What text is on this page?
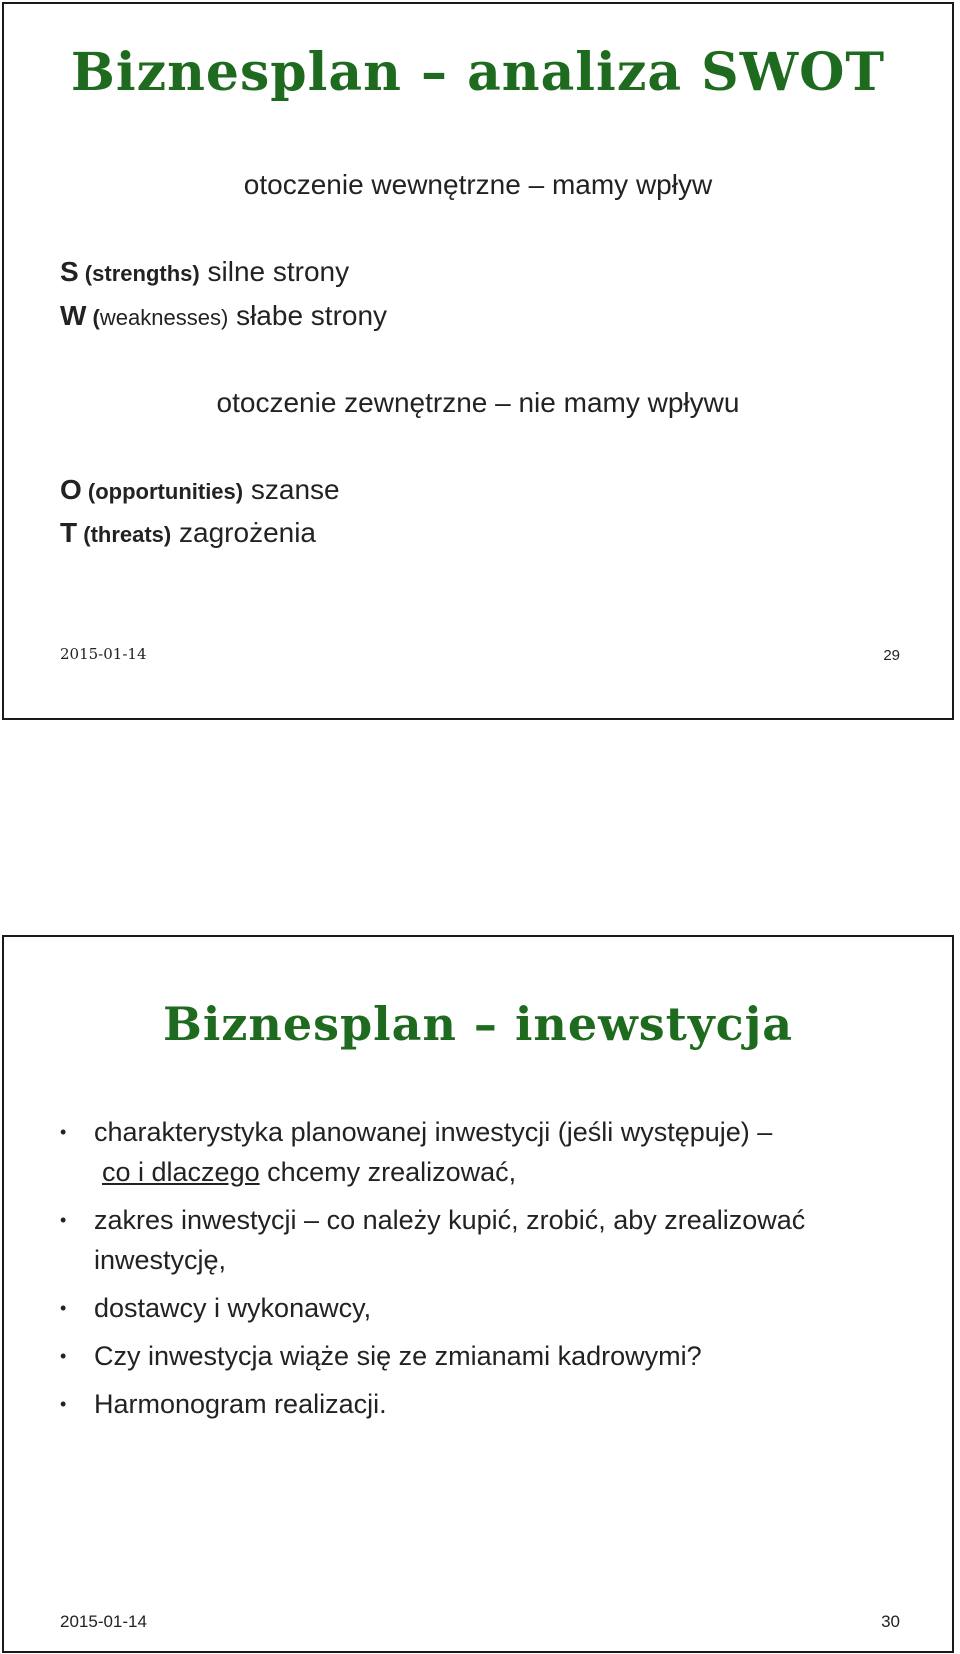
Biznesplan – analiza SWOT
otoczenie wewnętrzne – mamy wpływ
S (strengths) silne strony
W (weaknesses) słabe strony
otoczenie zewnętrzne – nie mamy wpływu
O (opportunities) szanse
T (threats) zagrożenia
2015-01-14	29
Biznesplan – inewstycja
• charakterystyka planowanej inwestycji (jeśli występuje) –
co i dlaczego chcemy zrealizować,
• zakres inwestycji – co należy kupić, zrobić, aby zrealizować inwestycję,
• dostawcy i wykonawcy,
• Czy inwestycja wiąże się ze zmianami kadrowymi?
• Harmonogram realizacji.
2015-01-14	30
